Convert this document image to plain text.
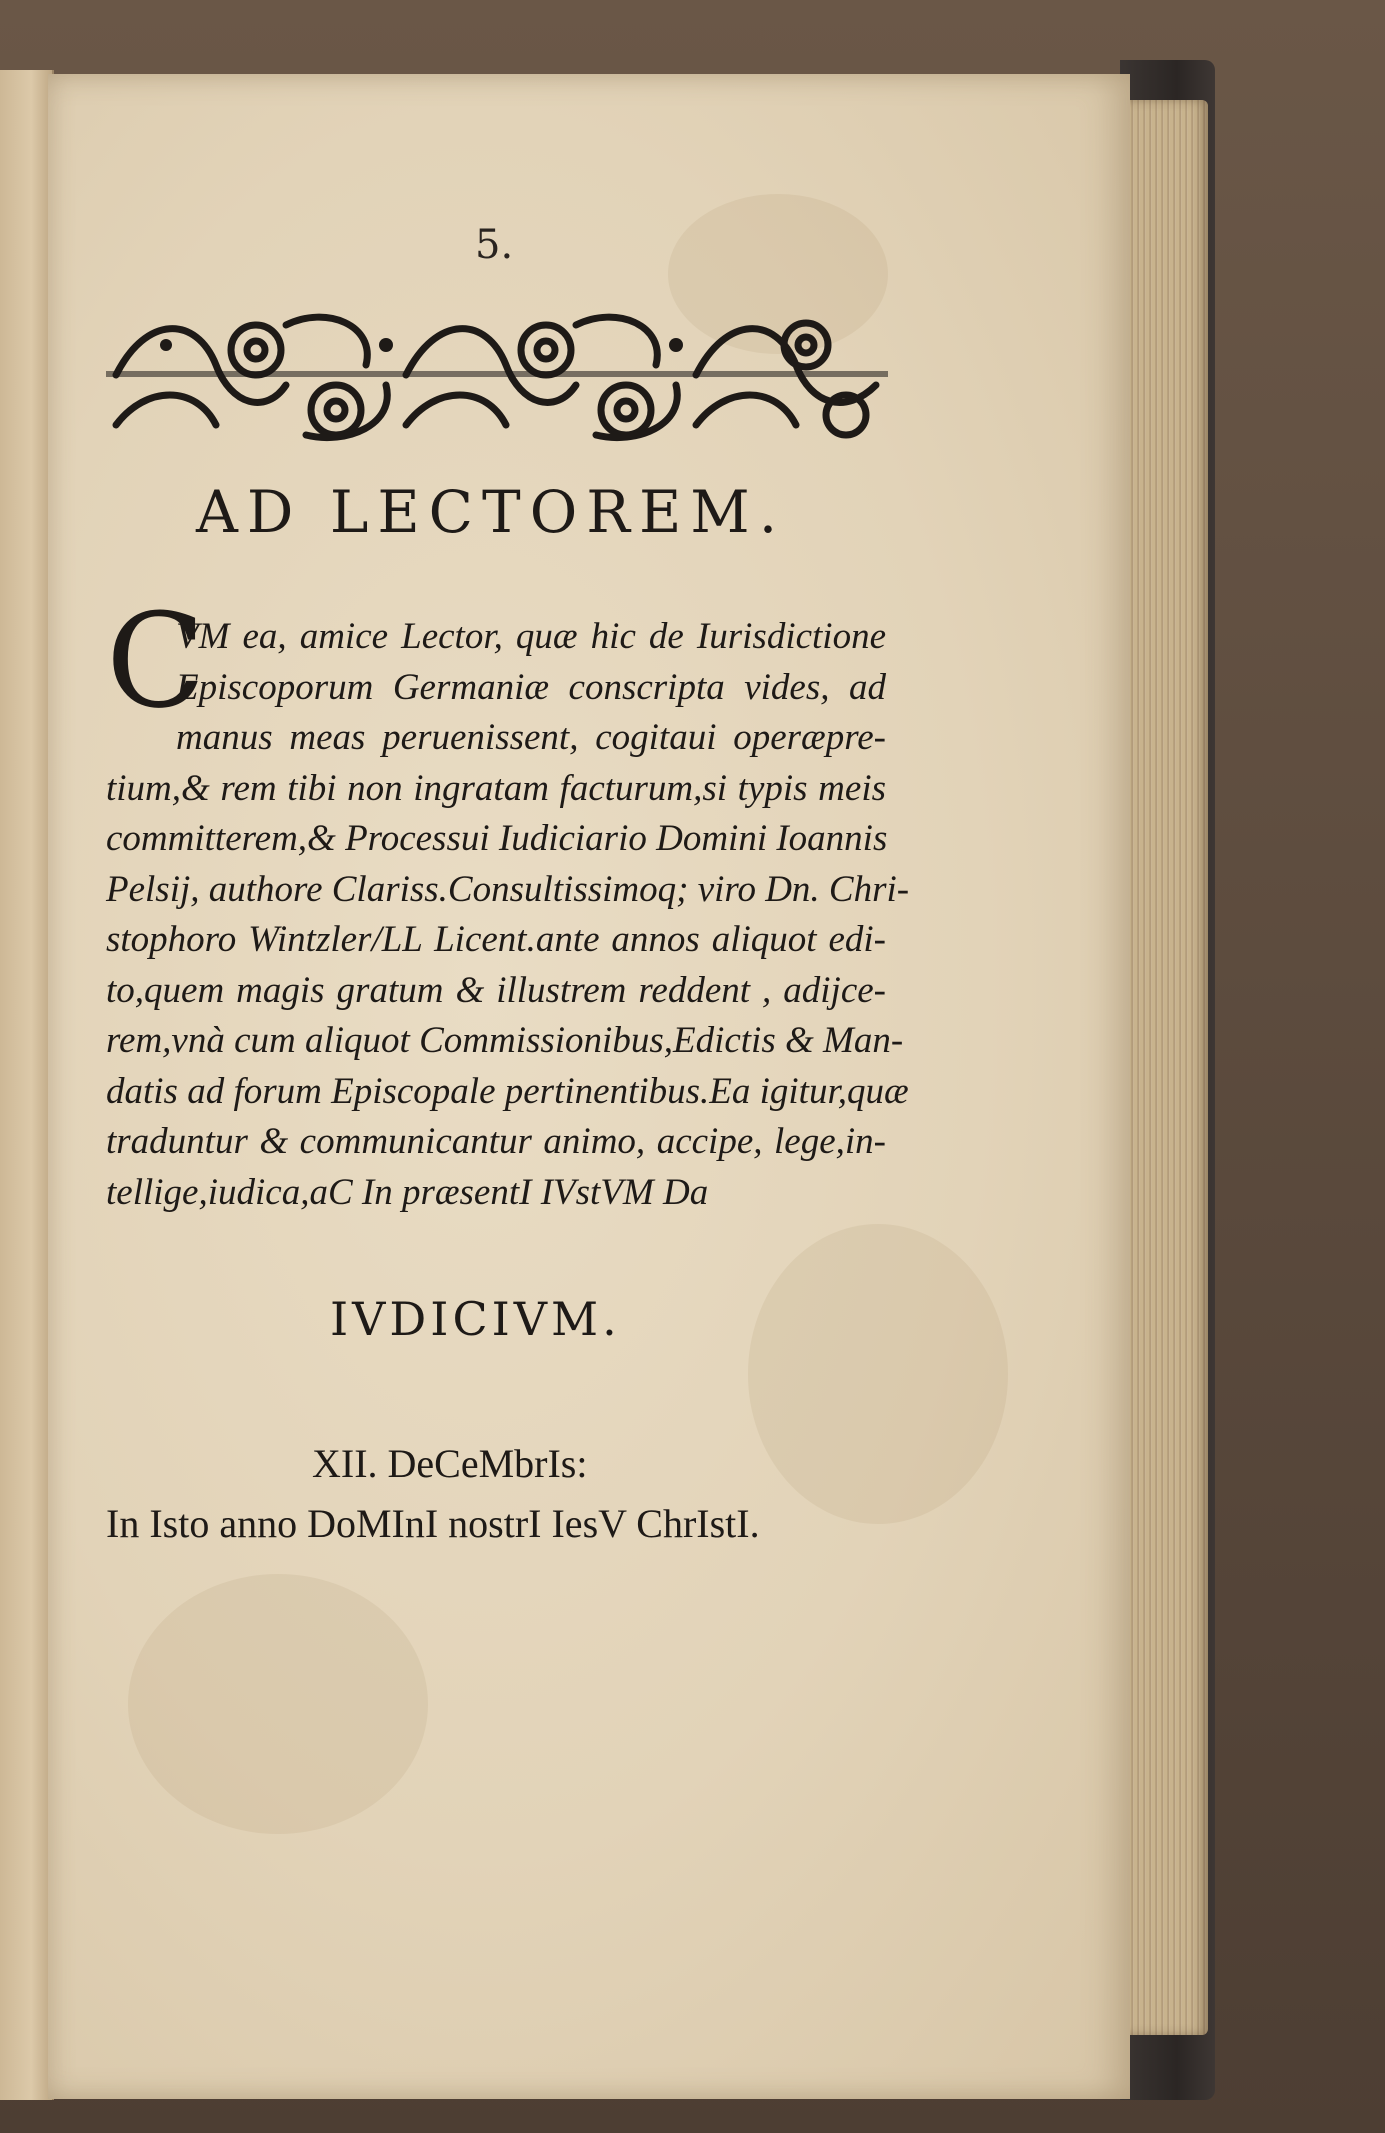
5.
AD LECTOREM.
C
VM ea, amice Lector, quæ hic de Iurisdictione
Episcoporum Germaniæ conscripta vides, ad
manus meas peruenissent, cogitaui operæpre-
tium,& rem tibi non ingratam facturum,si typis meis
committerem,& Processui Iudiciario Domini Ioannis
Pelsij, authore Clariss.Consultissimoq; viro Dn. Chri-
stophoro Wintzler/LL Licent.ante annos aliquot edi-
to,quem magis gratum & illustrem reddent , adijce-
rem,vnà cum aliquot Commissionibus,Edictis & Man-
datis ad forum Episcopale pertinentibus.Ea igitur,quæ
traduntur & communicantur animo, accipe, lege,in-
tellige,iudica,aC In præsentI IVstVM Da
IVDICIVM.
XII. DeCeMbrIs:
In Isto anno DoMInI nostrI IesV ChrIstI.
